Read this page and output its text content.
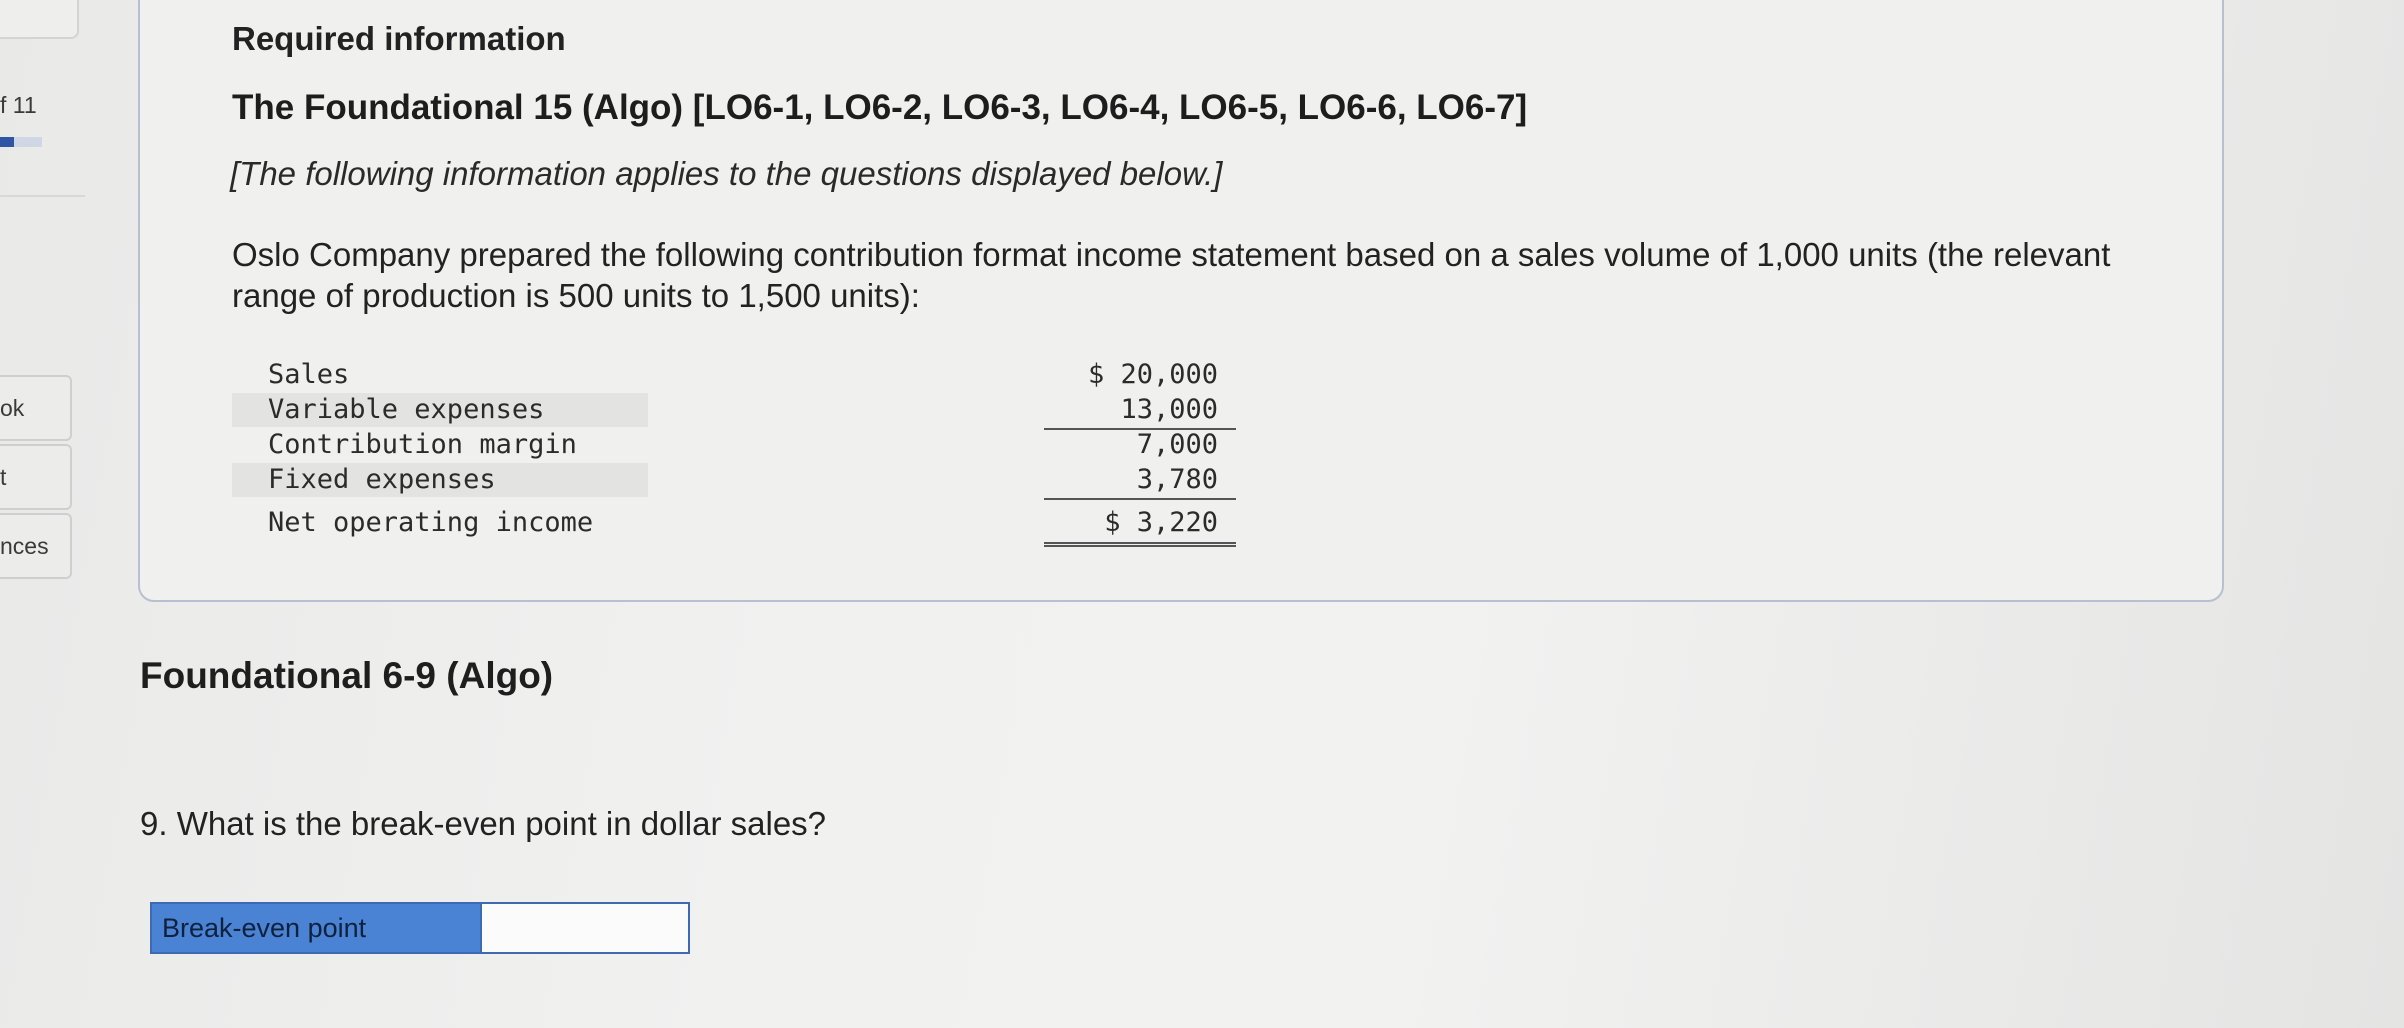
f 11
ok
t
nces
Required information
The Foundational 15 (Algo) [LO6-1, LO6-2, LO6-3, LO6-4, LO6-5, LO6-6, LO6-7]
[The following information applies to the questions displayed below.]
Oslo Company prepared the following contribution format income statement based on a sales volume of 1,000 units (the relevant range of production is 500 units to 1,500 units):
Sales	$ 20,000
Variable expenses	13,000
Contribution margin	7,000
Fixed expenses	3,780
Net operating income	$ 3,220
Foundational 6-9 (Algo)
9. What is the break-even point in dollar sales?
Break-even point
